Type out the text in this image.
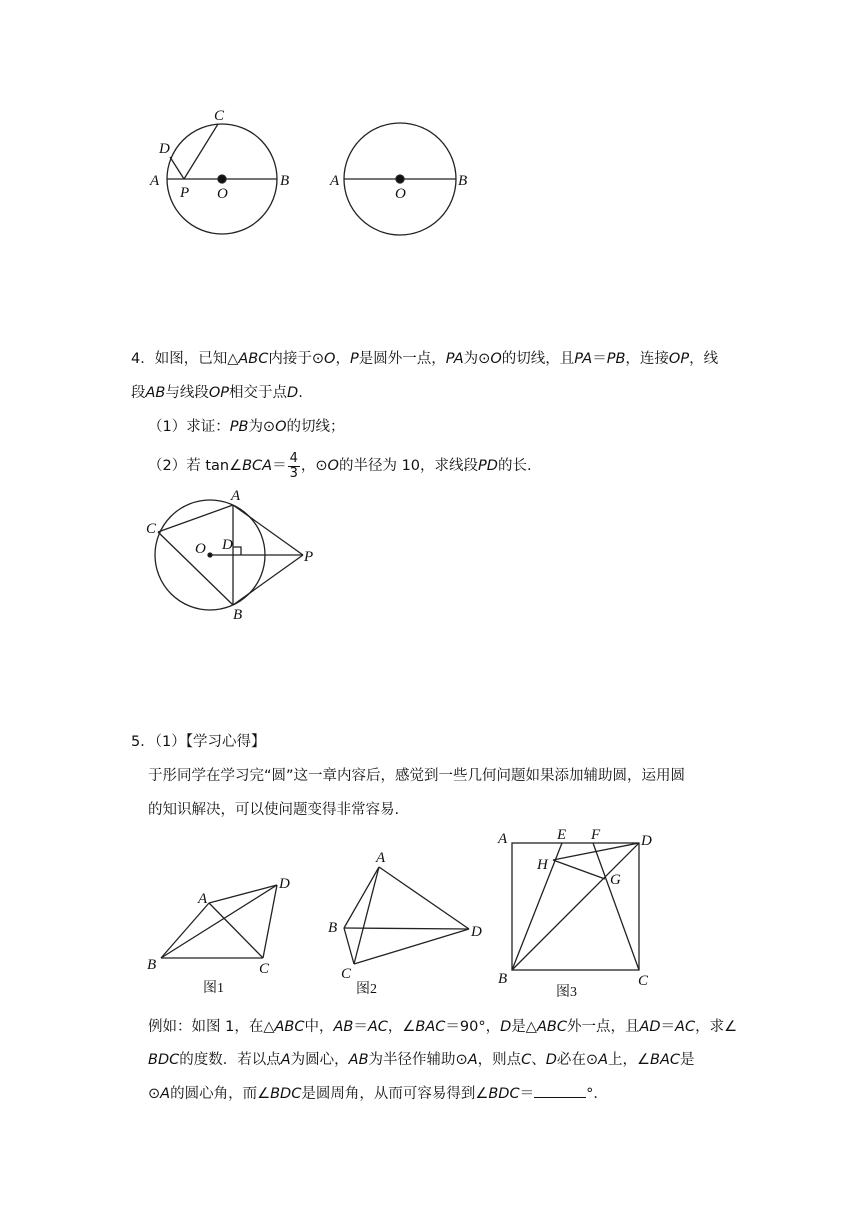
A	B
C
D
P O
A	B
O
A
B
C
D
O	P
A
B	C
D
图1
A
B
C
D
图2
A
B	C
D
E F
G
H
图3
4．如图，已知△ABC内接于⊙O，P是圆外一点，PA为⊙O的切线，且PA＝PB，连接OP，线
段AB与线段OP相交于点D.
（1）求证：PB为⊙O的切线；
（2）若 tan∠BCA＝ $\frac{4}{3}$ ，⊙O的半径为 10，求线段PD的长.
5．（1）【学习心得】
于彤同学在学习完“圆”这一章内容后，感觉到一些几何问题如果添加辅助圆，运用圆
的知识解决，可以使问题变得非常容易.
例如：如图 1，在△ABC中，AB＝AC，∠BAC＝90°，D是△ABC外一点，且AD＝AC，求∠
BDC的度数．若以点A为圆心，AB为半径作辅助⊙A，则点C、D必在⊙A上，∠BAC是
⊙A的圆心角，而∠BDC是圆周角，从而可容易得到∠BDC＝	°．
